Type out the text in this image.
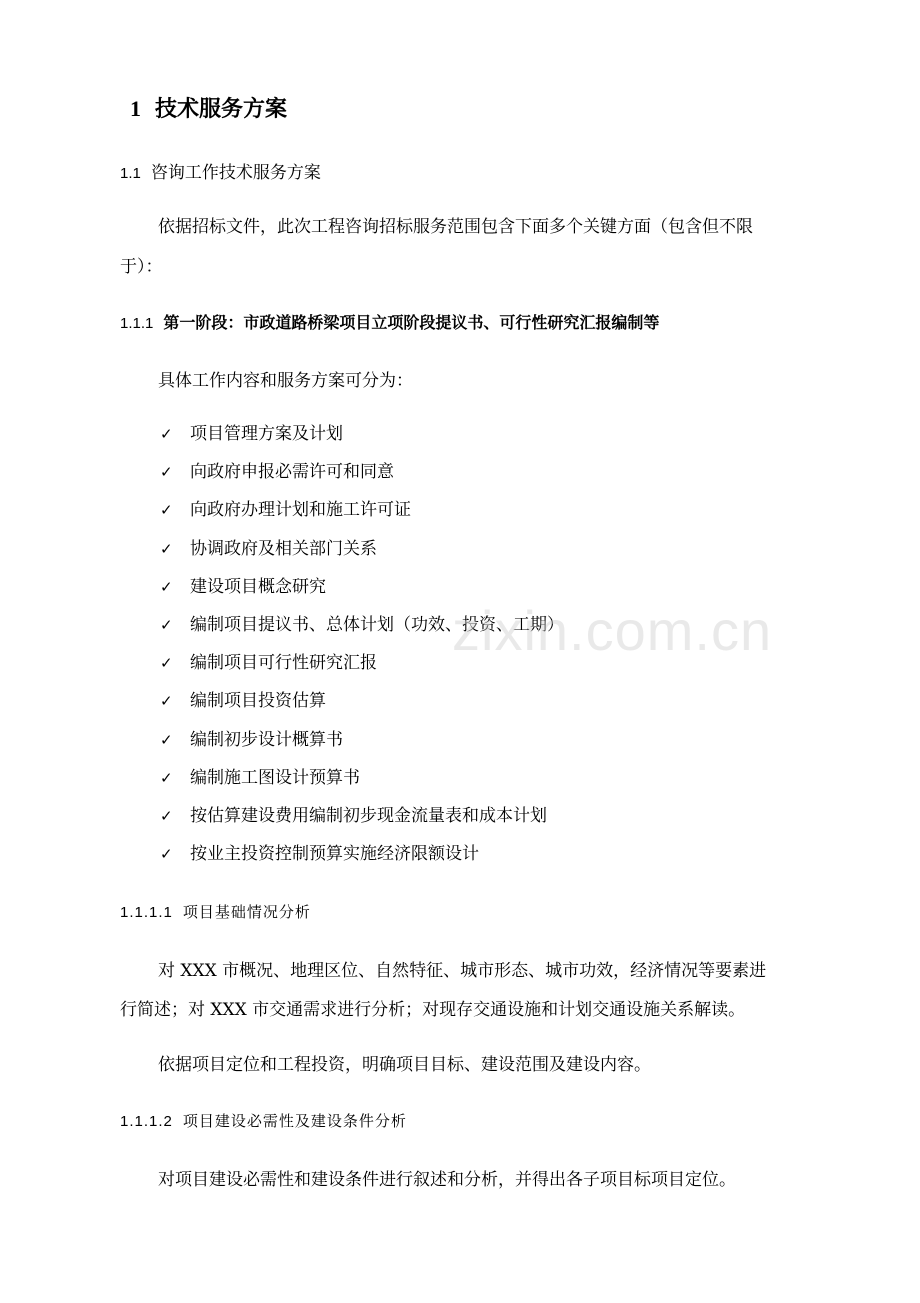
1 技术服务方案
1.1 咨询工作技术服务方案
依据招标文件，此次工程咨询招标服务范围包含下面多个关键方面（包含但不限
于）：
1.1.1 第一阶段：市政道路桥梁项目立项阶段提议书、可行性研究汇报编制等
具体工作内容和服务方案可分为：
✓ 项目管理方案及计划
✓ 向政府申报必需许可和同意
✓ 向政府办理计划和施工许可证
✓ 协调政府及相关部门关系
✓ 建设项目概念研究
✓ 编制项目提议书、总体计划（功效、投资、工期）
✓ 编制项目可行性研究汇报
✓ 编制项目投资估算
✓ 编制初步设计概算书
✓ 编制施工图设计预算书
✓ 按估算建设费用编制初步现金流量表和成本计划
✓ 按业主投资控制预算实施经济限额设计
1.1.1.1 项目基础情况分析
对 XXX 市概况、地理区位、自然特征、城市形态、城市功效，经济情况等要素进
行简述；对 XXX 市交通需求进行分析；对现存交通设施和计划交通设施关系解读。
依据项目定位和工程投资，明确项目目标、建设范围及建设内容。
1.1.1.2 项目建设必需性及建设条件分析
对项目建设必需性和建设条件进行叙述和分析，并得出各子项目标项目定位。
zixin.com.cn
